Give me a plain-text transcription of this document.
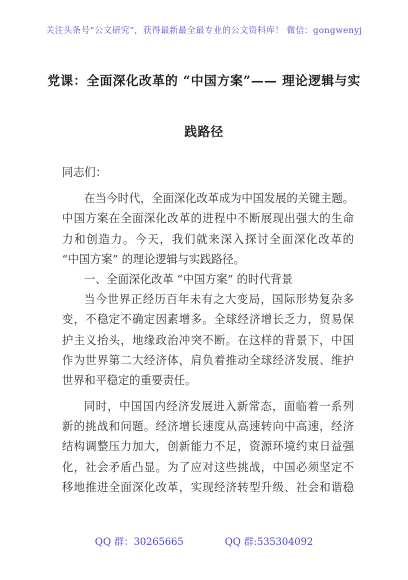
关注头条号“公文研究”，获得最新最全最专业的公文资料库！ 微信：gongwenyj
党课：全面深化改革的 “中国方案”—— 理论逻辑与实
践路径
同志们：
在当今时代，全面深化改革成为中国发展的关键主题。
中国方案在全面深化改革的进程中不断展现出强大的生命
力和创造力。今天，我们就来深入探讨全面深化改革的
“中国方案” 的理论逻辑与实践路径。
一、全面深化改革 “中国方案” 的时代背景
当今世界正经历百年未有之大变局，国际形势复杂多
变，不稳定不确定因素增多。全球经济增长乏力，贸易保
护主义抬头，地缘政治冲突不断。在这样的背景下，中国
作为世界第二大经济体，肩负着推动全球经济发展、维护
世界和平稳定的重要责任。
同时，中国国内经济发展进入新常态，面临着一系列
新的挑战和问题。经济增长速度从高速转向中高速，经济
结构调整压力加大，创新能力不足，资源环境约束日益强
化，社会矛盾凸显。为了应对这些挑战，中国必须坚定不
移地推进全面深化改革，实现经济转型升级、社会和谐稳
QQ 群：30265665	QQ 群:535304092
